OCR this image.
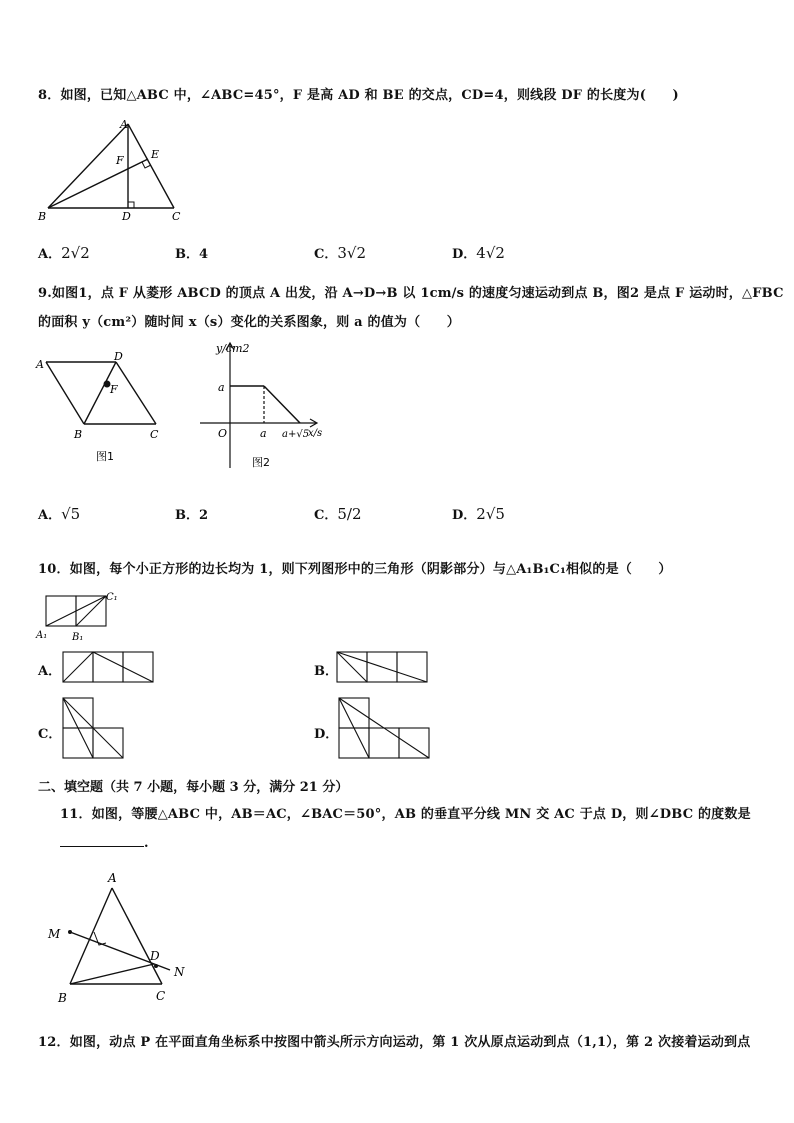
8．如图，已知△ABC 中，∠ABC=45°，F 是高 AD 和 BE 的交点，CD=4，则线段 DF 的长度为(　　)
A
B	C
D
E
F
A．2√2	B．4	C．3√2	D．4√2
9.如图1，点 F 从菱形 ABCD 的顶点 A 出发，沿 A→D→B 以 1cm/s 的速度匀速运动到点 B，图2 是点 F 运动时，△FBC
的面积 y（cm²）随时间 x（s）变化的关系图象，则 a 的值为（　　）
A
D
F
B	C
图1
y/cm2
a
O	a a+√5
x/s
图2
A．√5	B．2	C．5/2	D．2√5
10．如图，每个小正方形的边长均为 1，则下列图形中的三角形（阴影部分）与△A₁B₁C₁相似的是（　　）
C₁
A₁ B₁
A．	B．
C．	D．
二、填空题（共 7 小题，每小题 3 分，满分 21 分）
11．如图，等腰△ABC 中，AB＝AC，∠BAC＝50°，AB 的垂直平分线 MN 交 AC 于点 D，则∠DBC 的度数是
.
A
M
D
N
B	C
12．如图，动点 P 在平面直角坐标系中按图中箭头所示方向运动，第 1 次从原点运动到点（1,1），第 2 次接着运动到点
